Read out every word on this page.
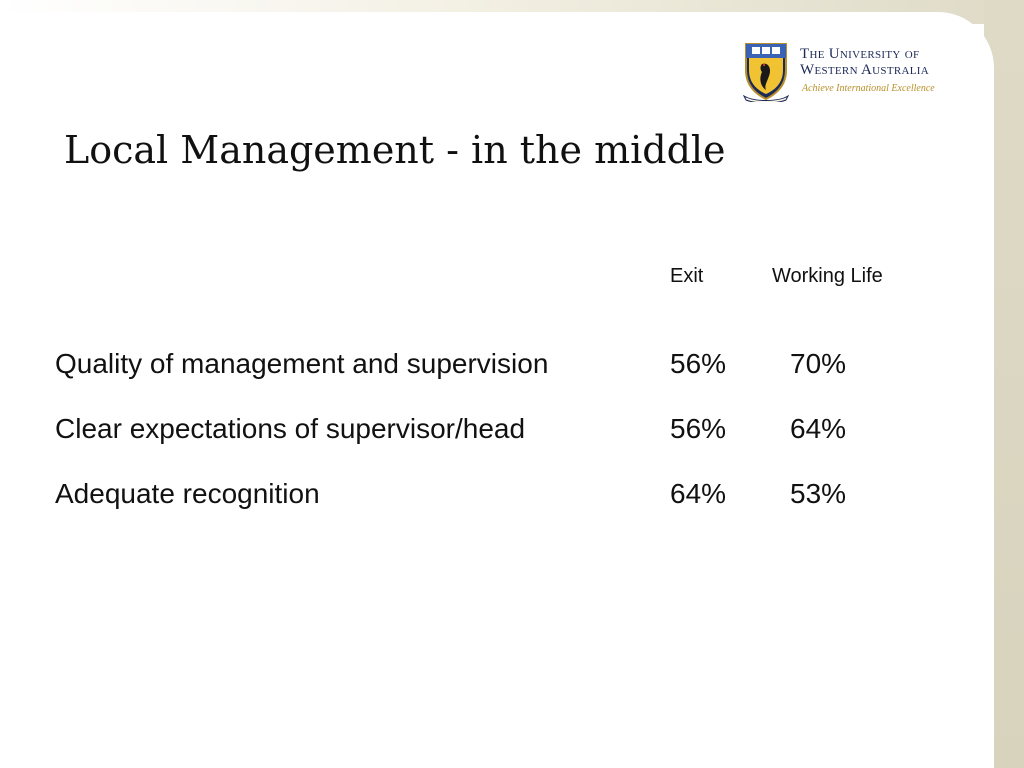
The University of
Western Australia
Achieve International Excellence
Local Management - in the middle
Exit	Working Life
Quality of management and supervision	56% 70%
Clear expectations of supervisor/head	56% 64%
Adequate recognition	64% 53%
